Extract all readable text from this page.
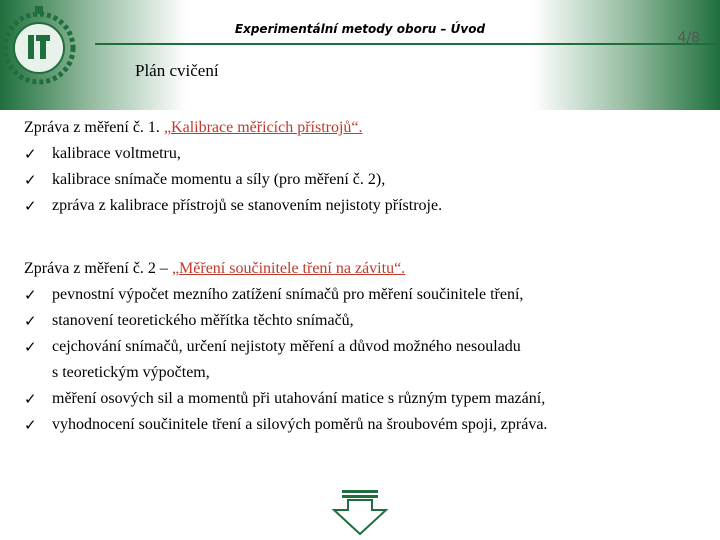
Experimentální metody oboru – Úvod
4/8
Plán cvičení
Zpráva z měření č. 1. „Kalibrace měřicích přístrojů“.
✓ kalibrace voltmetru,
✓ kalibrace snímače momentu a síly (pro měření č. 2),
✓ zpráva z kalibrace přístrojů se stanovením nejistoty přístroje.
Zpráva z měření č. 2 – „Měření součinitele tření na závitu“.
✓ pevnostní výpočet mezního zatížení snímačů pro měření součinitele tření,
✓ stanovení teoretického měřítka těchto snímačů,
✓ cejchování snímačů, určení nejistoty měření a důvod možného nesouladu
s teoretickým výpočtem,
✓ měření osových sil a momentů při utahování matice s různým typem mazání,
✓ vyhodnocení součinitele tření a silových poměrů na šroubovém spoji, zpráva.
